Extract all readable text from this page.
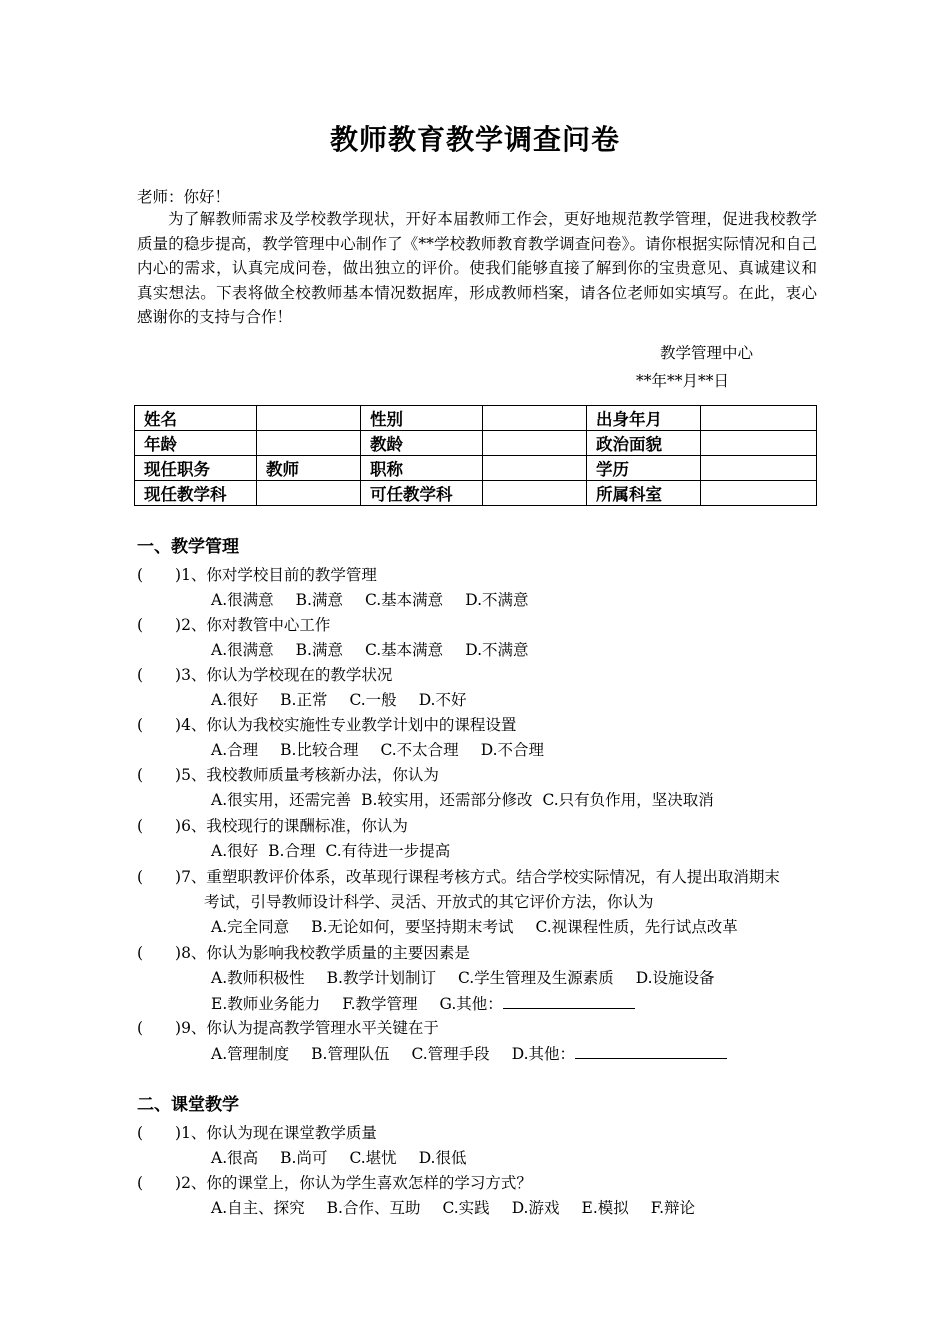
教师教育教学调查问卷
老师：你好！
为了解教师需求及学校教学现状，开好本届教师工作会，更好地规范教学管理，促进我校教学质量的稳步提高，教学管理中心制作了《**学校教师教育教学调查问卷》。请你根据实际情况和自己内心的需求，认真完成问卷，做出独立的评价。使我们能够直接了解到你的宝贵意见、真诚建议和真实想法。下表将做全校教师基本情况数据库，形成教师档案，请各位老师如实填写。在此，衷心感谢你的支持与合作！
教学管理中心
**年**月**日
姓名		性别		出身年月	
年龄		教龄		政治面貌	
现任职务	教师	职称		学历	
现任教学科		可任教学科		所属科室	
一、教学管理
( )1、你对学校目前的教学管理
A.很满意 B.满意 C.基本满意 D.不满意
( )2、你对教管中心工作
A.很满意 B.满意 C.基本满意 D.不满意
( )3、你认为学校现在的教学状况
A.很好 B.正常 C.一般 D.不好
( )4、你认为我校实施性专业教学计划中的课程设置
A.合理 B.比较合理 C.不太合理 D.不合理
( )5、我校教师质量考核新办法，你认为
A.很实用，还需完善 B.较实用，还需部分修改 C.只有负作用，坚决取消
( )6、我校现行的课酬标准，你认为
A.很好 B.合理 C.有待进一步提高
( )7、重塑职教评价体系，改革现行课程考核方式。结合学校实际情况，有人提出取消期末
考试，引导教师设计科学、灵活、开放式的其它评价方法，你认为
A.完全同意 B.无论如何，要坚持期末考试 C.视课程性质，先行试点改革
( )8、你认为影响我校教学质量的主要因素是
A.教师积极性 B.教学计划制订 C.学生管理及生源素质 D.设施设备
E.教师业务能力 F.教学管理 G.其他：
( )9、你认为提高教学管理水平关键在于
A.管理制度 B.管理队伍 C.管理手段 D.其他：
二、课堂教学
( )1、你认为现在课堂教学质量
A.很高 B.尚可 C.堪忧 D.很低
( )2、你的课堂上，你认为学生喜欢怎样的学习方式？
A.自主、探究 B.合作、互助 C.实践 D.游戏 E.模拟 F.辩论
